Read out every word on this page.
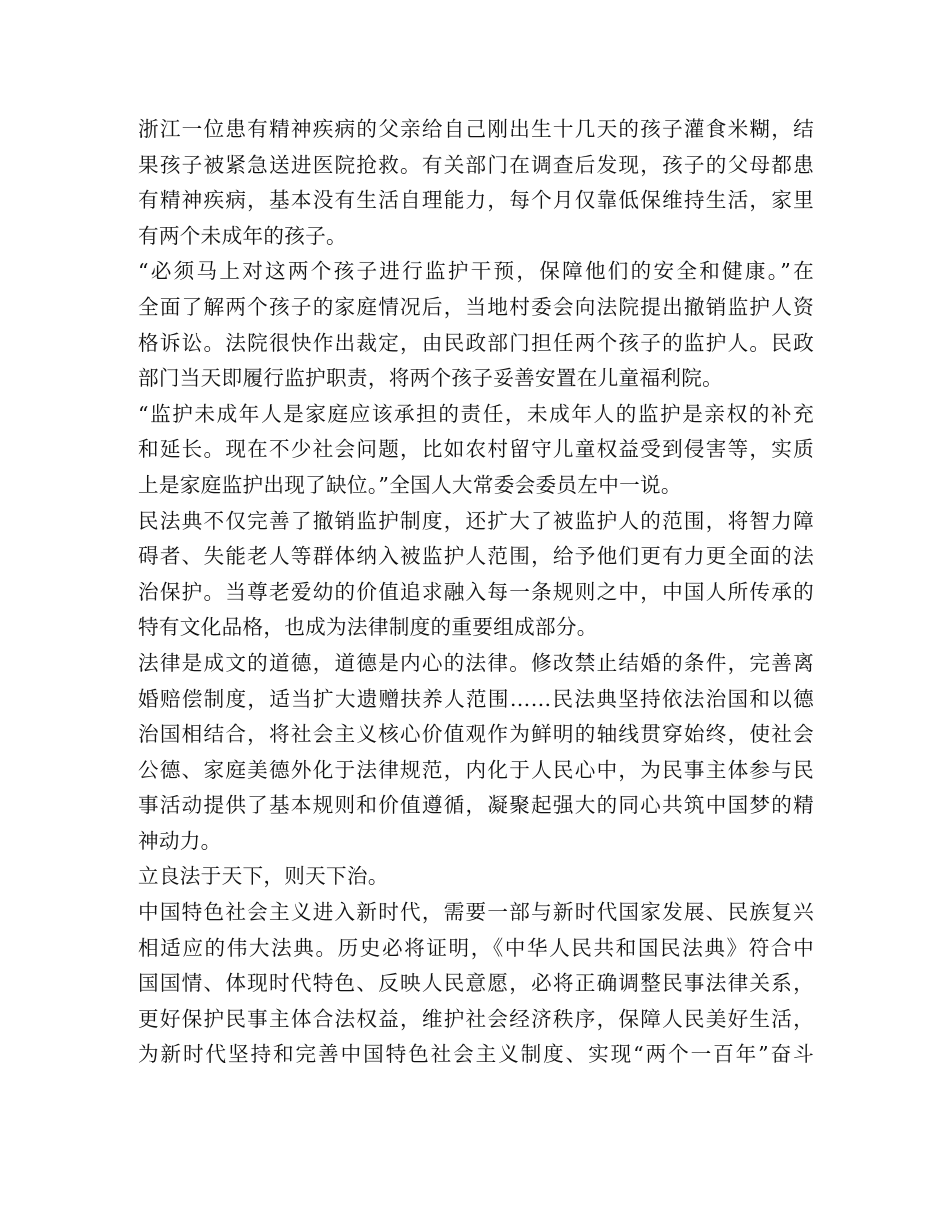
浙江一位患有精神疾病的父亲给自己刚出生十几天的孩子灌食米糊，结
果孩子被紧急送进医院抢救。有关部门在调查后发现，孩子的父母都患
有精神疾病，基本没有生活自理能力，每个月仅靠低保维持生活，家里
有两个未成年的孩子。
“必须马上对这两个孩子进行监护干预，保障他们的安全和健康。”在
全面了解两个孩子的家庭情况后，当地村委会向法院提出撤销监护人资
格诉讼。法院很快作出裁定，由民政部门担任两个孩子的监护人。民政
部门当天即履行监护职责，将两个孩子妥善安置在儿童福利院。
“监护未成年人是家庭应该承担的责任，未成年人的监护是亲权的补充
和延长。现在不少社会问题，比如农村留守儿童权益受到侵害等，实质
上是家庭监护出现了缺位。”全国人大常委会委员左中一说。
民法典不仅完善了撤销监护制度，还扩大了被监护人的范围，将智力障
碍者、失能老人等群体纳入被监护人范围，给予他们更有力更全面的法
治保护。当尊老爱幼的价值追求融入每一条规则之中，中国人所传承的
特有文化品格，也成为法律制度的重要组成部分。
法律是成文的道德，道德是内心的法律。修改禁止结婚的条件，完善离
婚赔偿制度，适当扩大遗赠扶养人范围……民法典坚持依法治国和以德
治国相结合，将社会主义核心价值观作为鲜明的轴线贯穿始终，使社会
公德、家庭美德外化于法律规范，内化于人民心中，为民事主体参与民
事活动提供了基本规则和价值遵循，凝聚起强大的同心共筑中国梦的精
神动力。
立良法于天下，则天下治。
中国特色社会主义进入新时代，需要一部与新时代国家发展、民族复兴
相适应的伟大法典。历史必将证明，《中华人民共和国民法典》符合中
国国情、体现时代特色、反映人民意愿，必将正确调整民事法律关系，
更好保护民事主体合法权益，维护社会经济秩序，保障人民美好生活，
为新时代坚持和完善中国特色社会主义制度、实现“两个一百年”奋斗
